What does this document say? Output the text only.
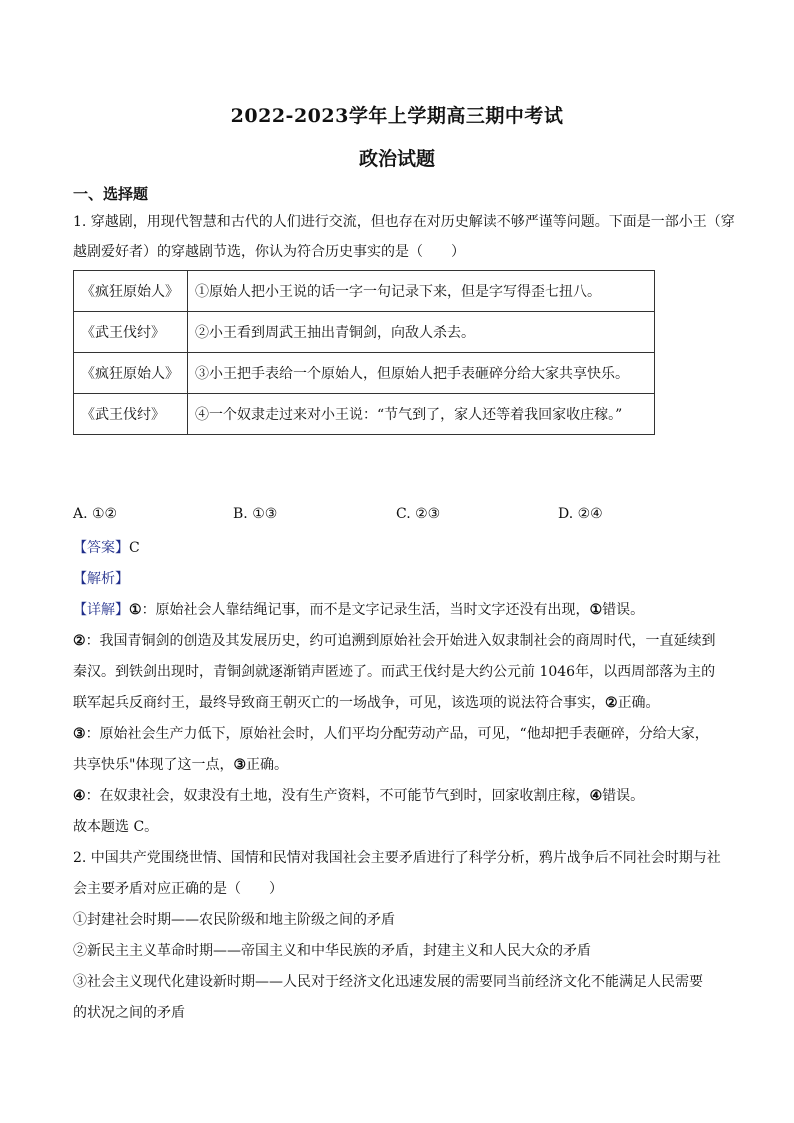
2022-2023学年上学期高三期中考试
政治试题
一、选择题
1. 穿越剧，用现代智慧和古代的人们进行交流，但也存在对历史解读不够严谨等问题。下面是一部小王（穿
越剧爱好者）的穿越剧节选，你认为符合历史事实的是（　　）
《疯狂原始人》	①原始人把小王说的话一字一句记录下来，但是字写得歪七扭八。
《武王伐纣》	②小王看到周武王抽出青铜剑，向敌人杀去。
《疯狂原始人》	③小王把手表给一个原始人，但原始人把手表砸碎分给大家共享快乐。
《武王伐纣》	④一个奴隶走过来对小王说：“节气到了，家人还等着我回家收庄稼。”
A. ①②	B. ①③	C. ②③	D. ②④
【答案】C
【解析】
【详解】①：原始社会人靠结绳记事，而不是文字记录生活，当时文字还没有出现，①错误。
②：我国青铜剑的创造及其发展历史，约可追溯到原始社会开始进入奴隶制社会的商周时代，一直延续到
秦汉。到铁剑出现时，青铜剑就逐渐销声匿迹了。而武王伐纣是大约公元前 1046年，以西周部落为主的
联军起兵反商纣王，最终导致商王朝灭亡的一场战争，可见，该选项的说法符合事实，②正确。
③：原始社会生产力低下，原始社会时，人们平均分配劳动产品，可见，“他却把手表砸碎，分给大家，
共享快乐"体现了这一点，③正确。
④：在奴隶社会，奴隶没有土地，没有生产资料，不可能节气到时，回家收割庄稼，④错误。
故本题选 C。
2. 中国共产党围绕世情、国情和民情对我国社会主要矛盾进行了科学分析，鸦片战争后不同社会时期与社
会主要矛盾对应正确的是（　　）
①封建社会时期——农民阶级和地主阶级之间的矛盾
②新民主主义革命时期——帝国主义和中华民族的矛盾，封建主义和人民大众的矛盾
③社会主义现代化建设新时期——人民对于经济文化迅速发展的需要同当前经济文化不能满足人民需要
的状况之间的矛盾
